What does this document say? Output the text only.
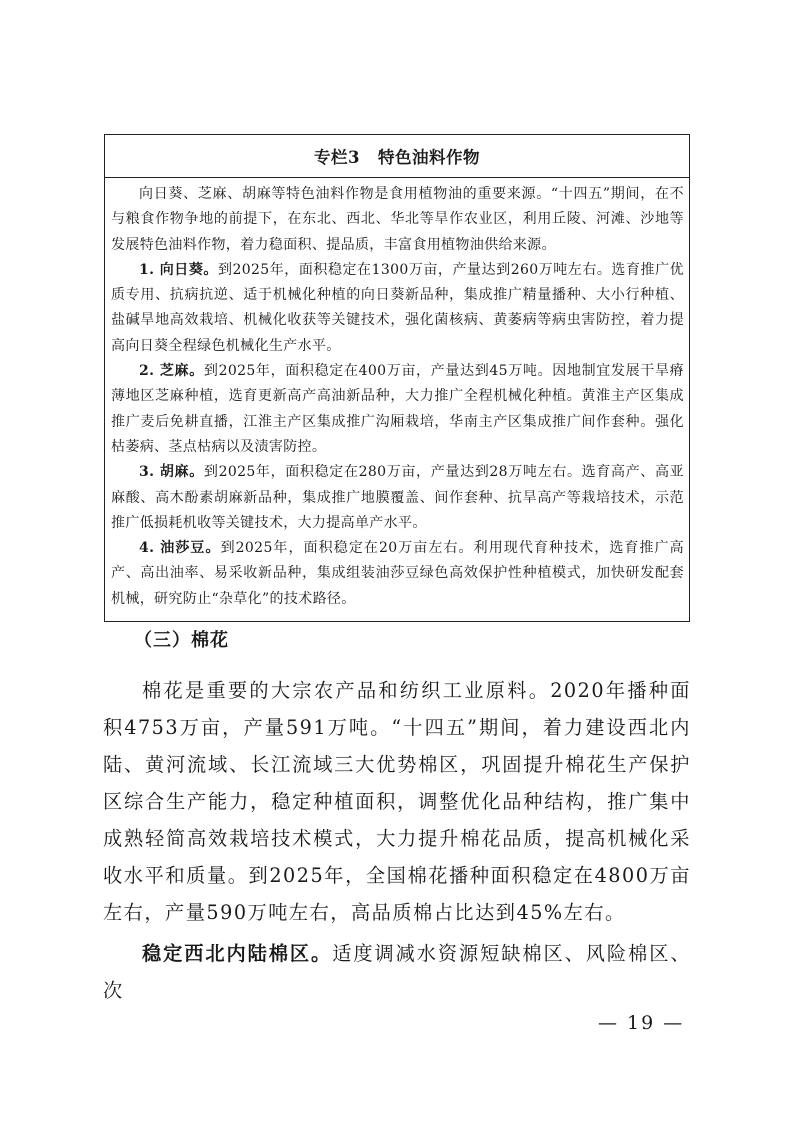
专栏3 特色油料作物

向日葵、芝麻、胡麻等特色油料作物是食用植物油的重要来源。“十四五”期间，在不与粮食作物争地的前提下，在东北、西北、华北等旱作农业区，利用丘陵、河滩、沙地等发展特色油料作物，着力稳面积、提品质，丰富食用植物油供给来源。

1. 向日葵。到2025年，面积稳定在1300万亩，产量达到260万吨左右。选育推广优质专用、抗病抗逆、适于机械化种植的向日葵新品种，集成推广精量播种、大小行种植、盐碱旱地高效栽培、机械化收获等关键技术，强化菌核病、黄萎病等病虫害防控，着力提高向日葵全程绿色机械化生产水平。

2. 芝麻。到2025年，面积稳定在400万亩，产量达到45万吨。因地制宜发展干旱瘠薄地区芝麻种植，选育更新高产高油新品种，大力推广全程机械化种植。黄淮主产区集成推广麦后免耕直播，江淮主产区集成推广沟厢栽培，华南主产区集成推广间作套种。强化枯萎病、茎点枯病以及渍害防控。

3. 胡麻。到2025年，面积稳定在280万亩，产量达到28万吨左右。选育高产、高亚麻酸、高木酚素胡麻新品种，集成推广地膜覆盖、间作套种、抗旱高产等栽培技术，示范推广低损耗机收等关键技术，大力提高单产水平。

4. 油莎豆。到2025年，面积稳定在20万亩左右。利用现代育种技术，选育推广高产、高出油率、易采收新品种，集成组装油莎豆绿色高效保护性种植模式，加快研发配套机械，研究防止“杂草化”的技术路径。

（三）棉花

棉花是重要的大宗农产品和纺织工业原料。2020年播种面积4753万亩，产量591万吨。“十四五”期间，着力建设西北内陆、黄河流域、长江流域三大优势棉区，巩固提升棉花生产保护区综合生产能力，稳定种植面积，调整优化品种结构，推广集中成熟轻简高效栽培技术模式，大力提升棉花品质，提高机械化采收水平和质量。到2025年，全国棉花播种面积稳定在4800万亩左右，产量590万吨左右，高品质棉占比达到45%左右。

稳定西北内陆棉区。适度调减水资源短缺棉区、风险棉区、次

— 19 —
